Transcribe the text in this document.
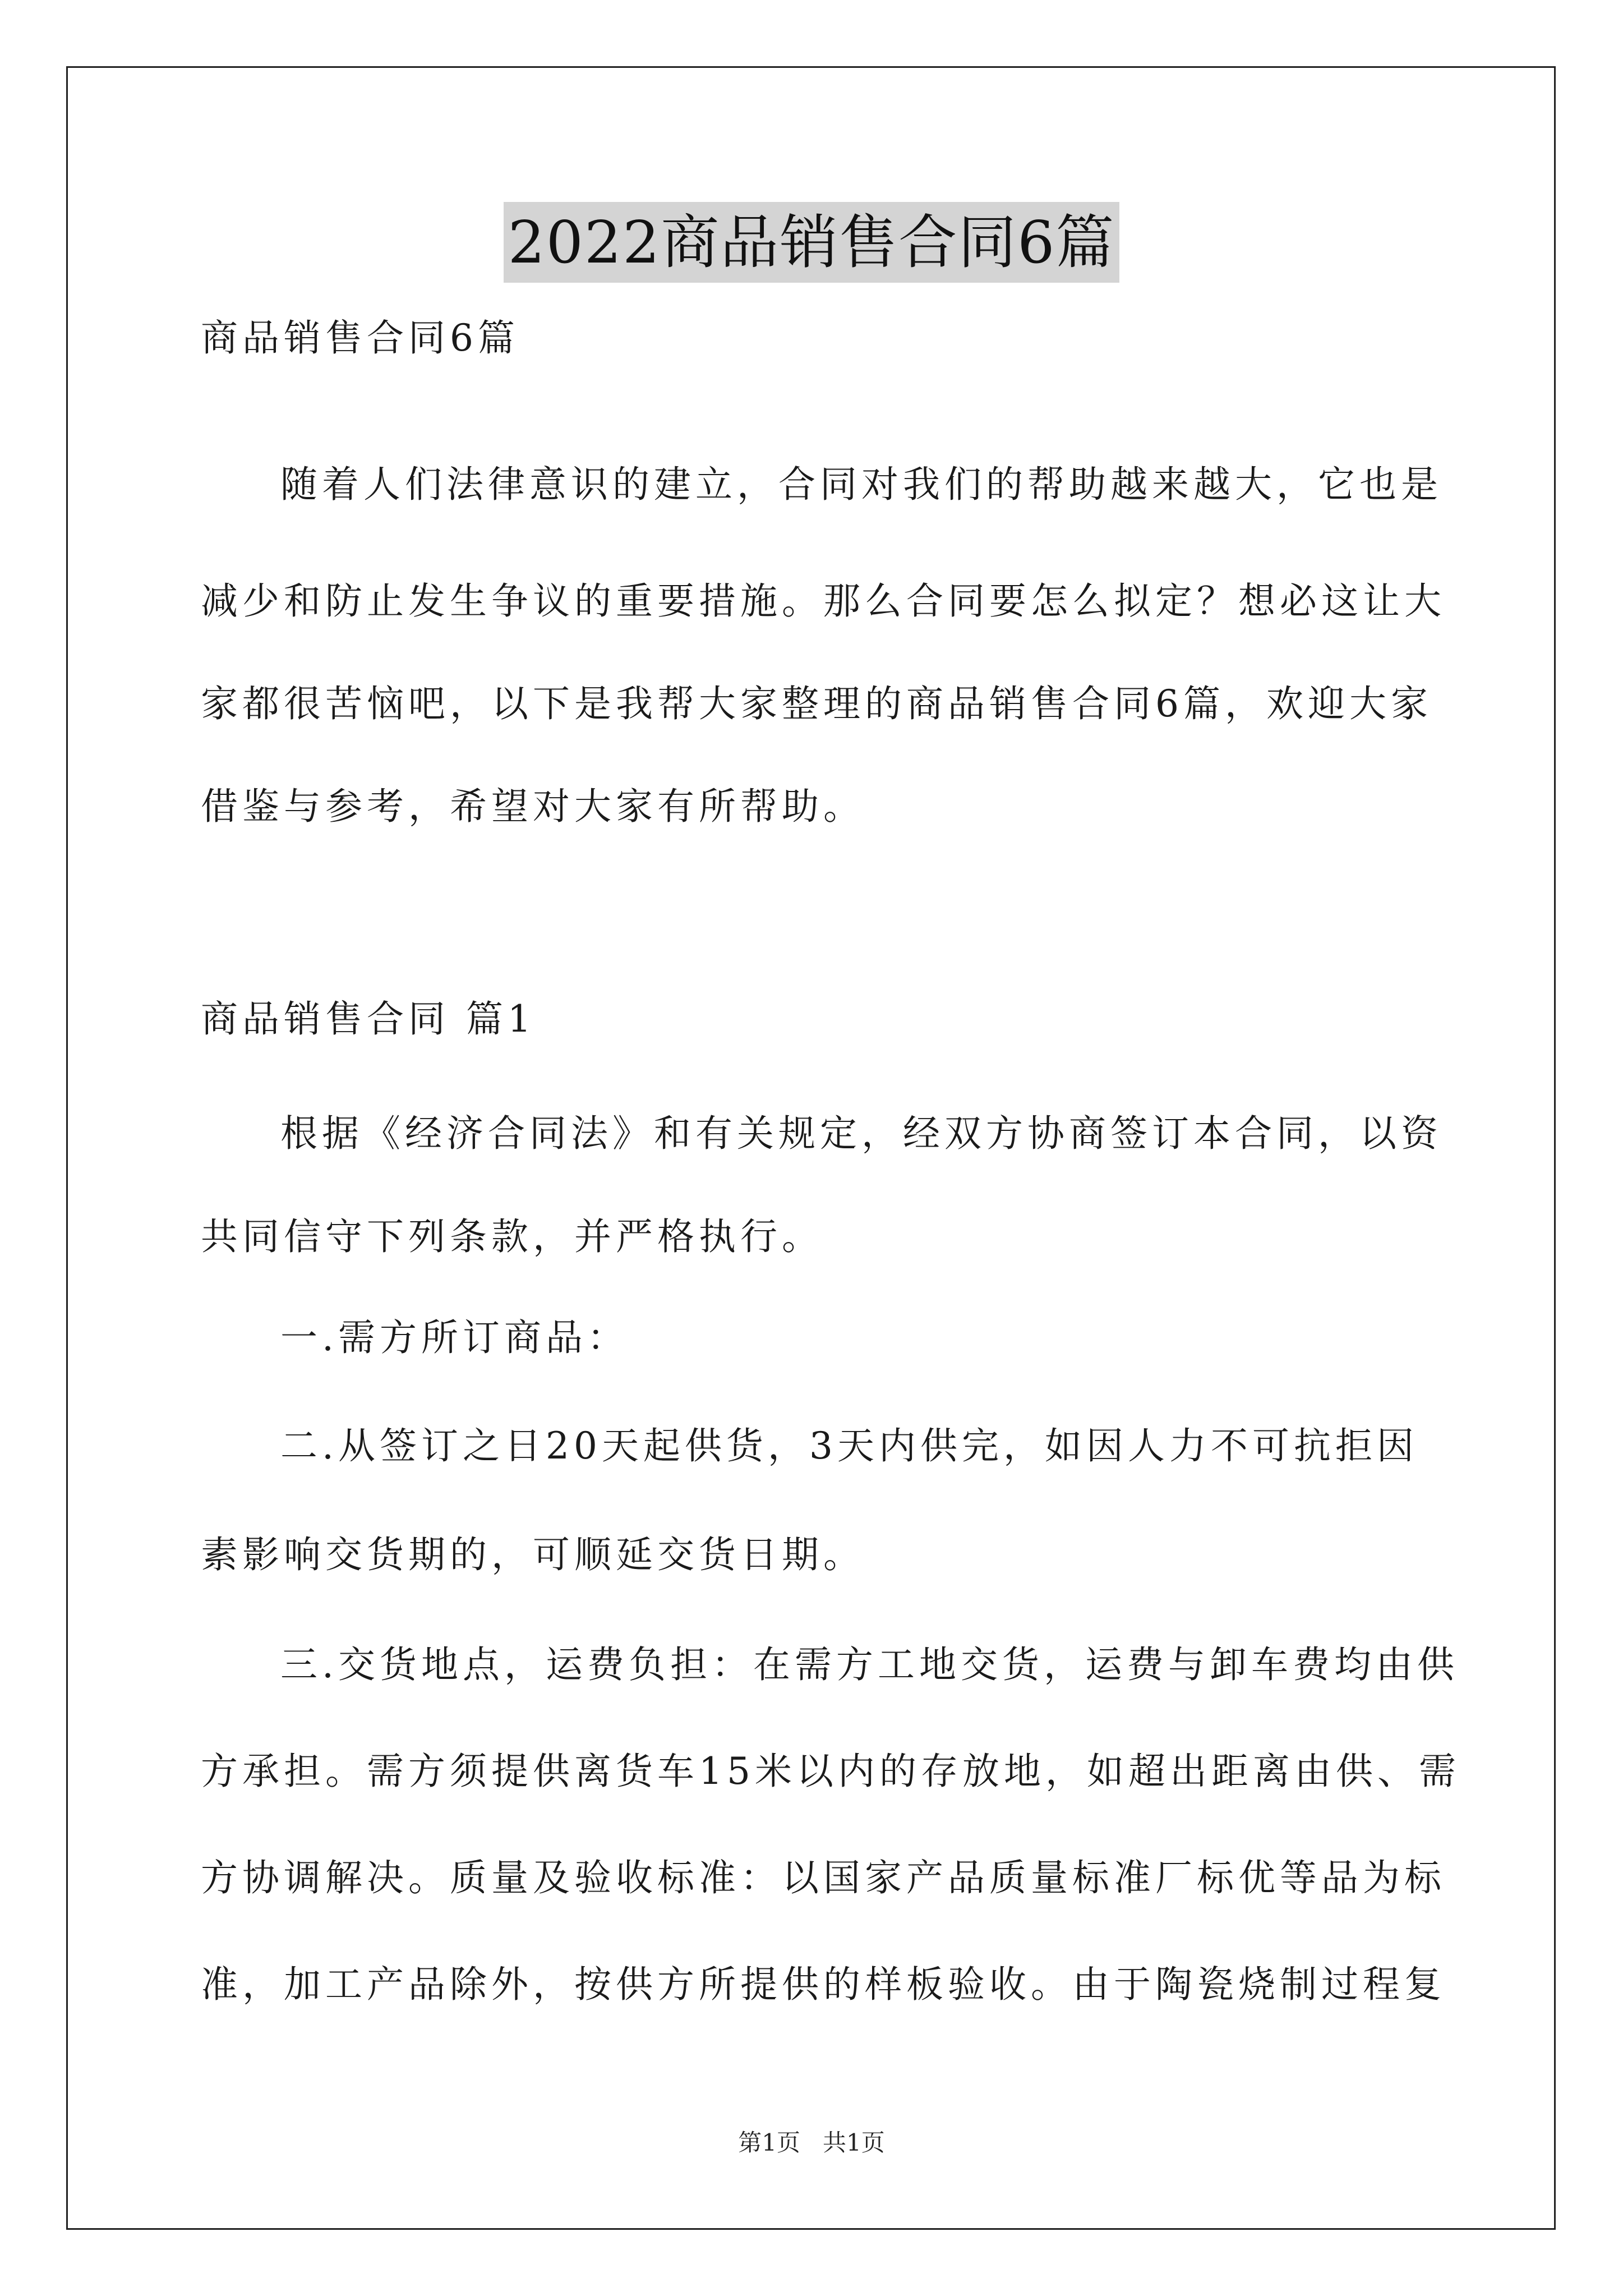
2022商品销售合同6篇
商品销售合同6篇
随着人们法律意识的建立，合同对我们的帮助越来越大，它也是
减少和防止发生争议的重要措施。那么合同要怎么拟定？想必这让大
家都很苦恼吧，以下是我帮大家整理的商品销售合同6篇，欢迎大家
借鉴与参考，希望对大家有所帮助。
商品销售合同 篇1
根据《经济合同法》和有关规定，经双方协商签订本合同，以资
共同信守下列条款，并严格执行。
一.需方所订商品：
二.从签订之日20天起供货，3天内供完，如因人力不可抗拒因
素影响交货期的，可顺延交货日期。
三.交货地点，运费负担：在需方工地交货，运费与卸车费均由供
方承担。需方须提供离货车15米以内的存放地，如超出距离由供、需
方协调解决。质量及验收标准：以国家产品质量标准厂标优等品为标
准，加工产品除外，按供方所提供的样板验收。由于陶瓷烧制过程复
第1页   共1页
